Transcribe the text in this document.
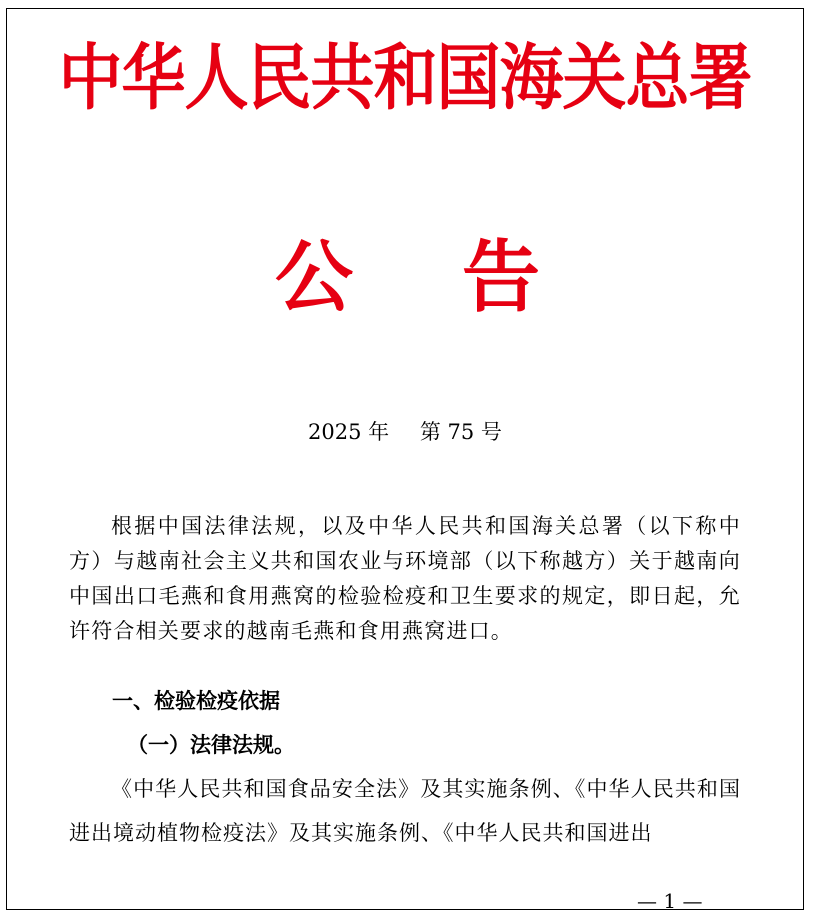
中华人民共和国海关总署
公 告
2025 年 第 75 号

根据中国法律法规，以及中华人民共和国海关总署（以下称中方）与越南社会主义共和国农业与环境部（以下称越方）关于越南向中国出口毛燕和食用燕窝的检验检疫和卫生要求的规定，即日起，允许符合相关要求的越南毛燕和食用燕窝进口。

一、检验检疫依据
（一）法律法规。

《中华人民共和国食品安全法》及其实施条例、《中华人民共和国进出境动植物检疫法》及其实施条例、《中华人民共和国进出

— 1 —
